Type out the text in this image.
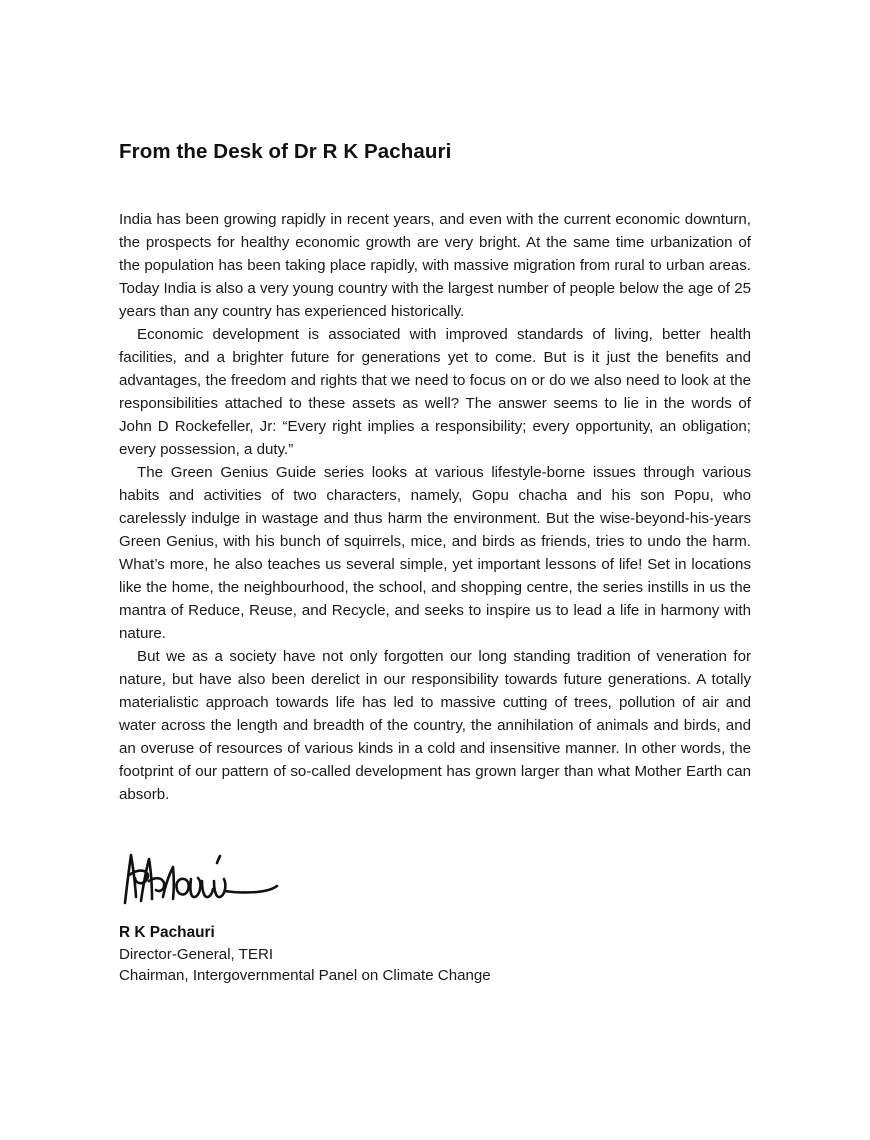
From the Desk of Dr R K Pachauri

India has been growing rapidly in recent years, and even with the current economic downturn, the prospects for healthy economic growth are very bright. At the same time urbanization of the population has been taking place rapidly, with massive migration from rural to urban areas. Today India is also a very young country with the largest number of people below the age of 25 years than any country has experienced historically.

Economic development is associated with improved standards of living, better health facilities, and a brighter future for generations yet to come. But is it just the benefits and advantages, the freedom and rights that we need to focus on or do we also need to look at the responsibilities attached to these assets as well? The answer seems to lie in the words of John D Rockefeller, Jr: “Every right implies a responsibility; every opportunity, an obligation; every possession, a duty.”

The Green Genius Guide series looks at various lifestyle-borne issues through various habits and activities of two characters, namely, Gopu chacha and his son Popu, who carelessly indulge in wastage and thus harm the environment. But the wise-beyond-his-years Green Genius, with his bunch of squirrels, mice, and birds as friends, tries to undo the harm. What’s more, he also teaches us several simple, yet important lessons of life! Set in locations like the home, the neighbourhood, the school, and shopping centre, the series instills in us the mantra of Reduce, Reuse, and Recycle, and seeks to inspire us to lead a life in harmony with nature.

But we as a society have not only forgotten our long standing tradition of veneration for nature, but have also been derelict in our responsibility towards future generations. A totally materialistic approach towards life has led to massive cutting of trees, pollution of air and water across the length and breadth of the country, the annihilation of animals and birds, and an overuse of resources of various kinds in a cold and insensitive manner. In other words, the footprint of our pattern of so-called development has grown larger than what Mother Earth can absorb.

R K Pachauri

Director-General, TERI

Chairman, Intergovernmental Panel on Climate Change
